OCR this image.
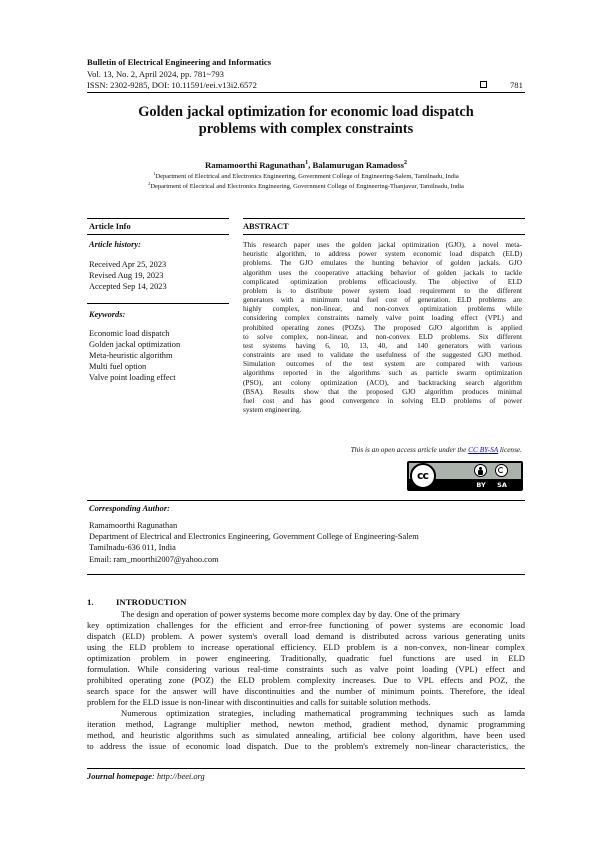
Bulletin of Electrical Engineering and Informatics
Vol. 13, No. 2, April 2024, pp. 781~793
ISSN: 2302-9285, DOI: 10.11591/eei.v13i2.6572	781
Golden jackal optimization for economic load dispatch
problems with complex constraints
Ramamoorthi Ragunathan$^1$, Balamurugan Ramadoss$^2$
$^1$Department of Electrical and Electronics Engineering, Government College of Engineering-Salem, Tamilnadu, India
$^2$Department of Electrical and Electronics Engineering, Government College of Engineering-Thanjavur, Tamilnadu, India
Article Info	ABSTRACT
Article history:
Received Apr 25, 2023
Revised Aug 19, 2023
Accepted Sep 14, 2023
Keywords:
Economic load dispatch
Golden jackal optimization
Meta-heuristic algorithm
Multi fuel option
Valve point loading effect
This research paper uses the golden jackal optimization (GJO), a novel meta-
heuristic algorithm, to address power system economic load dispatch (ELD)
problems. The GJO emulates the hunting behavior of golden jackals. GJO
algorithm uses the cooperative attacking behavior of golden jackals to tackle
complicated optimization problems efficaciously. The objective of ELD
problem is to distribute power system load requirement to the different
generators with a minimum total fuel cost of generation. ELD problems are
highly complex, non-linear, and non-convex optimization problems while
considering complex constraints namely valve point loading effect (VPL) and
prohibited operating zones (POZs). The proposed GJO algorithm is applied
to solve complex, non-linear, and non-convex ELD problems. Six different
test systems having 6, 10, 13, 40, and 140 generators with various
constraints are used to validate the usefulness of the suggested GJO method.
Simulation outcomes of the test system are compared with various
algorithms reported in the algorithms such as particle swarm optimization
(PSO), ant colony optimization (ACO), and backtracking search algorithm
(BSA). Results show that the proposed GJO algorithm produces minimal
fuel cost and has good convergence in solving ELD problems of power
system engineering.
This is an open access article under the CC BY-SA license.
cc
BY	SA
Corresponding Author:
Ramamoorthi Ragunathan
Department of Electrical and Electronics Engineering, Government College of Engineering-Salem
Tamilnadu-636 011, India
Email: ram_moorthi2007@yahoo.com
1.	INTRODUCTION
The design and operation of power systems become more complex day by day. One of the primary
key optimization challenges for the efficient and error-free functioning of power systems are economic load
dispatch (ELD) problem. A power system's overall load demand is distributed across various generating units
using the ELD problem to increase operational efficiency. ELD problem is a non-convex, non-linear complex
optimization problem in power engineering. Traditionally, quadratic fuel functions are used in ELD
formulation. While considering various real-time constraints such as valve point loading (VPL) effect and
prohibited operating zone (POZ) the ELD problem complexity increases. Due to VPL effects and POZ, the
search space for the answer will have discontinuities and the number of minimum points. Therefore, the ideal
problem for the ELD issue is non-linear with discontinuities and calls for suitable solution methods.
Numerous optimization strategies, including mathematical programming techniques such as lamda
iteration method, Lagrange multiplier method, newton method, gradient method, dynamic programming
method, and heuristic algorithms such as simulated annealing, artificial bee colony algorithm, have been used
to address the issue of economic load dispatch. Due to the problem's extremely non-linear characteristics, the
Journal homepage: http://beei.org
